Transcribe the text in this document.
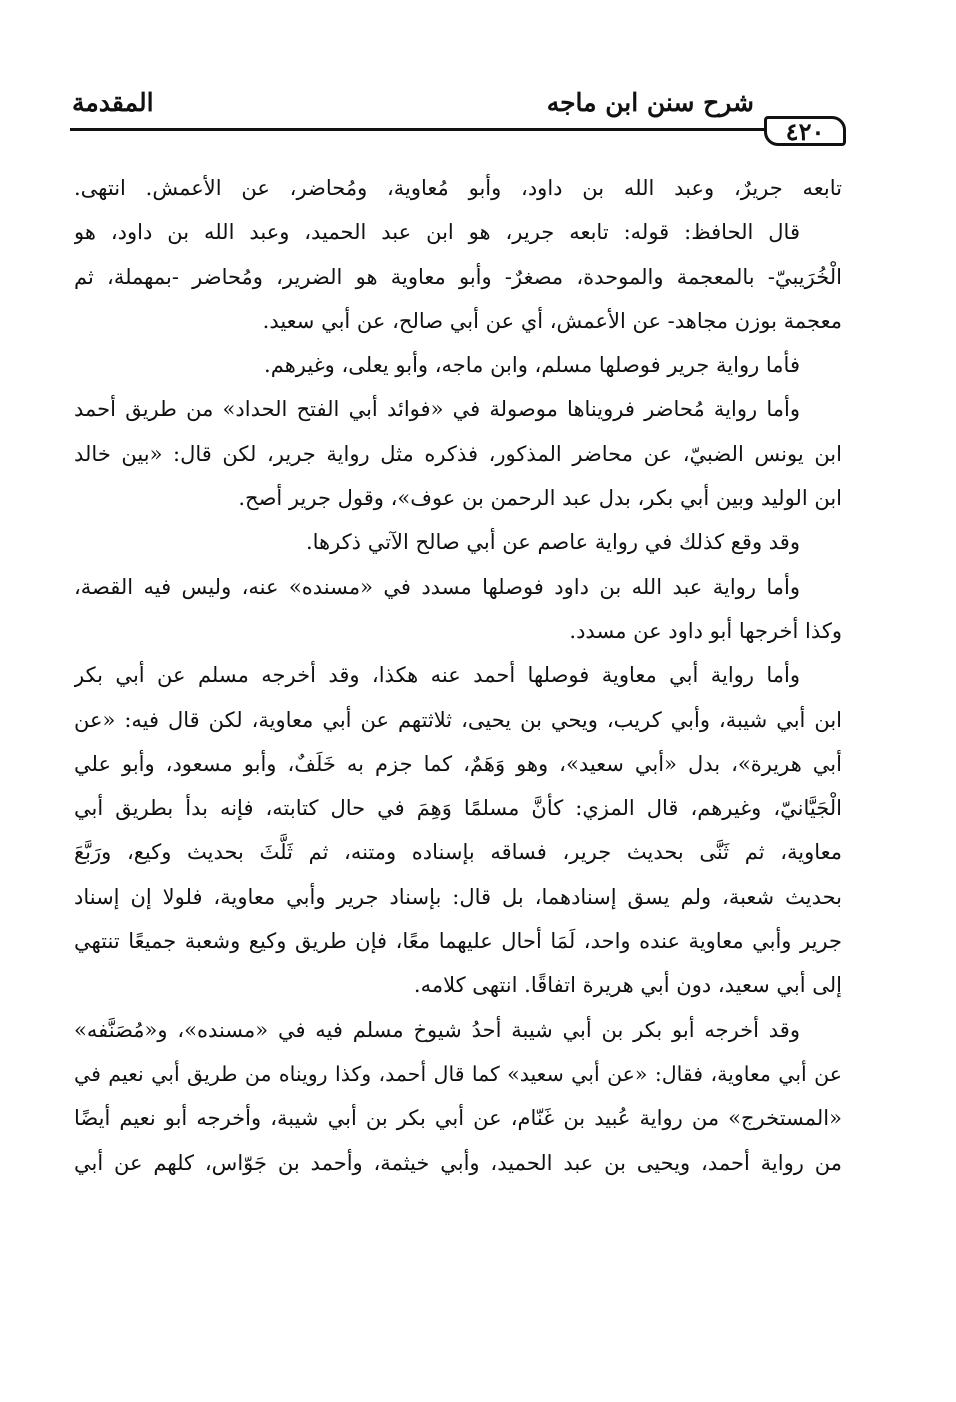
٤٢٠
شرح سنن ابن ماجه
المقدمة
تابعه جريرٌ، وعبد الله بن داود، وأبو مُعاوية، ومُحاضر، عن الأعمش. انتهى.
قال الحافظ: قوله: تابعه جرير، هو ابن عبد الحميد، وعبد الله بن داود، هو
الْخُرَيبيّ- بالمعجمة والموحدة، مصغرٌ- وأبو معاوية هو الضرير، ومُحاضر -بمهملة، ثم
معجمة بوزن مجاهد- عن الأعمش، أي عن أبي صالح، عن أبي سعيد.
فأما رواية جرير فوصلها مسلم، وابن ماجه، وأبو يعلى، وغيرهم.
وأما رواية مُحاضر فرويناها موصولة في «فوائد أبي الفتح الحداد» من طريق أحمد
ابن يونس الضبيّ، عن محاضر المذكور، فذكره مثل رواية جرير، لكن قال: «بين خالد
ابن الوليد وبين أبي بكر، بدل عبد الرحمن بن عوف»، وقول جرير أصح.
وقد وقع كذلك في رواية عاصم عن أبي صالح الآتي ذكرها.
وأما رواية عبد الله بن داود فوصلها مسدد في «مسنده» عنه، وليس فيه القصة،
وكذا أخرجها أبو داود عن مسدد.
وأما رواية أبي معاوية فوصلها أحمد عنه هكذا، وقد أخرجه مسلم عن أبي بكر
ابن أبي شيبة، وأبي كريب، ويحي بن يحيى، ثلاثتهم عن أبي معاوية، لكن قال فيه: «عن
أبي هريرة»، بدل «أبي سعيد»، وهو وَهَمٌ، كما جزم به خَلَفٌ، وأبو مسعود، وأبو علي
الْجَيَّانيّ، وغيرهم، قال المزي: كأنَّ مسلمًا وَهِمَ في حال كتابته، فإنه بدأ بطريق أبي
معاوية، ثم ثَنَّى بحديث جرير، فساقه بإسناده ومتنه، ثم ثَلَّثَ بحديث وكيع، ورَبَّعَ
بحديث شعبة، ولم يسق إسنادهما، بل قال: بإسناد جرير وأبي معاوية، فلولا إن إسناد
جرير وأبي معاوية عنده واحد، لَمَا أحال عليهما معًا، فإن طريق وكيع وشعبة جميعًا تنتهي
إلى أبي سعيد، دون أبي هريرة اتفاقًا. انتهى كلامه.
وقد أخرجه أبو بكر بن أبي شيبة أحدُ شيوخ مسلم فيه في «مسنده»، و«مُصَنَّفه»
عن أبي معاوية، فقال: «عن أبي سعيد» كما قال أحمد، وكذا رويناه من طريق أبي نعيم في
«المستخرج» من رواية عُبيد بن غَنّام، عن أبي بكر بن أبي شيبة، وأخرجه أبو نعيم أيضًا
من رواية أحمد، ويحيى بن عبد الحميد، وأبي خيثمة، وأحمد بن جَوّاس، كلهم عن أبي
